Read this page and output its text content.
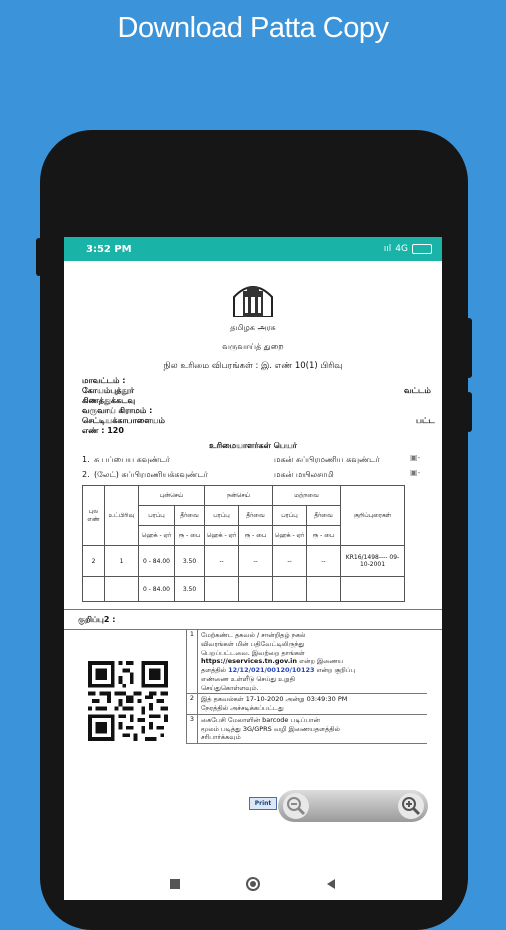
Download Patta Copy
3:52 PM	ııl 4G
தமிழக அரசு
வருவாய்த் துறை
நில உரிமை விபரங்கள் : இ. எண் 10(1) பிரிவு
மாவட்டம் :
கோயம்புத்தூர்	வட்டம்
கிணத்துக்கடவு
வருவாய் கிராமம் :
செட்டியக்காபாளையம்	பட்ட
எண் : 120
உரிமையாளர்கள் பெயர்
1. சு பப்பைய கவுண்டர்	மகன் சுப்பிரமணிய கவுண்டர்
2. (லேட்) சுப்பிரமணியக்கவுண்டர்	மகன் மயிலசாமி
▣-
▣-
புல எண்	உட்பிரிவு	புன்செய்		நன்செய்		மற்றவை		குறிப்புரைகள்
		பரப்பு	தீர்வை	பரப்பு	தீர்வை	பரப்பு	தீர்வை	
		ஹெக் - ஏர்	ரூ - பை	ஹெக் - ஏர்	ரூ - பை	ஹெக் - ஏர்	ரூ - பை	
2	1	0 - 84.00	3.50	--	--	--	--	KR16/1498---- 09-10-2001
		0 - 84.00	3.50					
குறிப்பு2 :
1	மேற்கண்ட தகவல் / சான்றிதழ் நகல்
விவரங்கள் மின் பதிவேட்டிலிருந்து
பெறப்பட்டவை. இவற்றை தாங்கள்
https://eservices.tn.gov.in என்ற இணைய
தளத்தில் 12/12/021/00120/10123 என்ற குறிப்பு
எண்ணை உள்ளீடு செய்து உறுதி
செய்துகொள்ளவும்.
2	இத் தகவல்கள் 17-10-2020 அன்று 03:49:30 PM
நேரத்தில் அச்சடிக்கப்பட்டது
3	கைபேசி மேலாளின் barcode படிப்பான்
மூலம் படித்து 3G/GPRS வழி இணையதளத்தில்
சரிபார்க்கவும்
Print
